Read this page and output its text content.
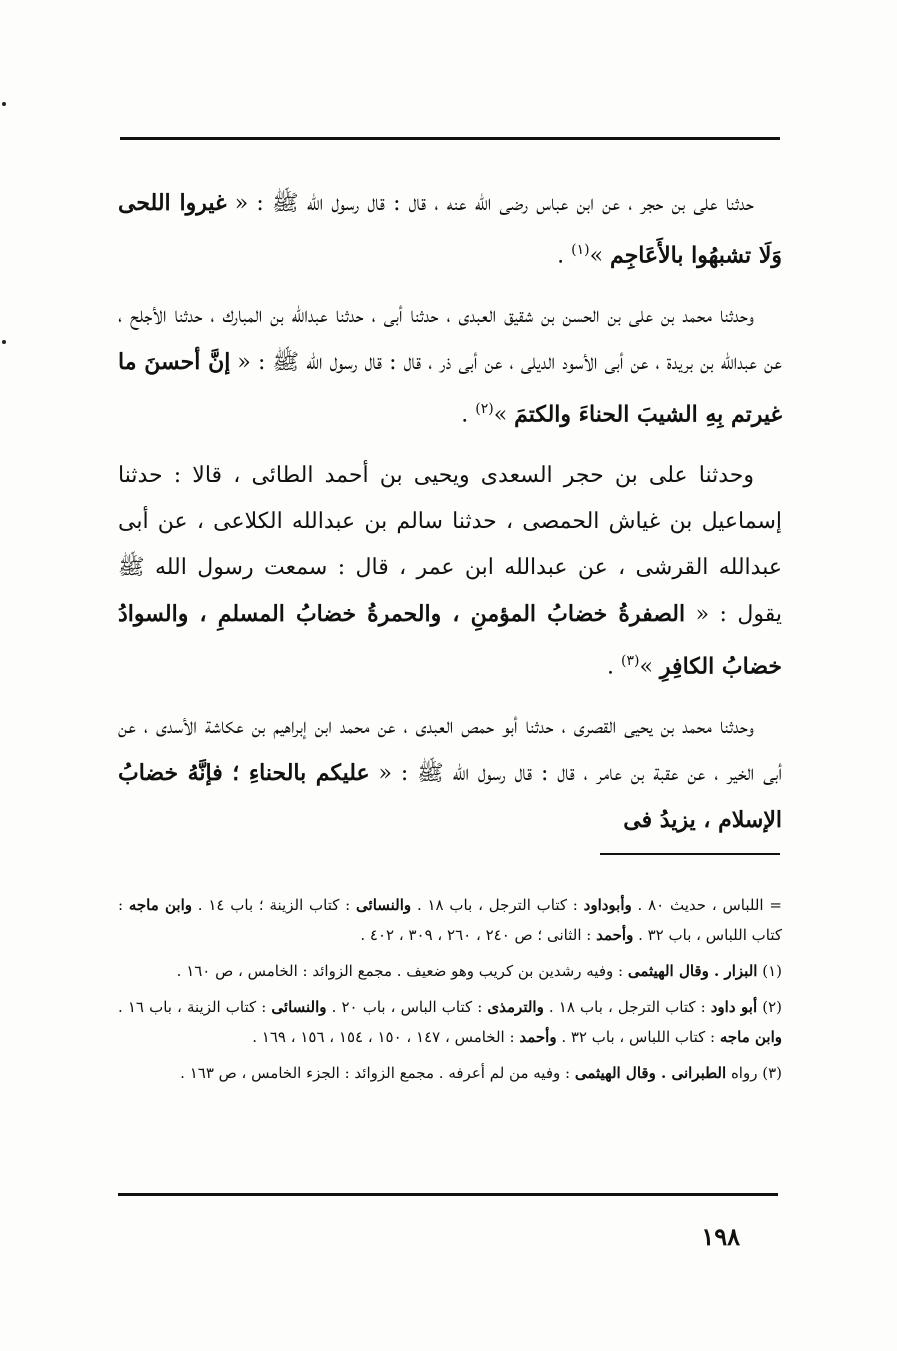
حدثنا على بن حجر ، عن ابن عباس رضى الله عنه ، قال : قال رسول الله ﷺ : « غيروا اللحى وَلَا تشبهُوا بالأَعَاجِم »$^{(١)}$ .

وحدثنا محمد بن على بن الحسن بن شقيق العبدى ، حدثنا أبى ، حدثنا عبدالله بن المبارك ، حدثنا الأجلح ، عن عبدالله بن بريدة ، عن أبى الأسود الديلى ، عن أبى ذر ، قال : قال رسول الله ﷺ : « إنَّ أحسنَ ما غيرتم بِهِ الشيبَ الحناءَ والكتمَ »$^{(٢)}$ .

وحدثنا على بن حجر السعدى ويحيى بن أحمد الطائى ، قالا : حدثنا إسماعيل بن غياش الحمصى ، حدثنا سالم بن عبدالله الكلاعى ، عن أبى عبدالله القرشى ، عن عبدالله ابن عمر ، قال : سمعت رسول الله ﷺ يقول : « الصفرةُ خضابُ المؤمنِ ، والحمرةُ خضابُ المسلمِ ، والسوادُ خضابُ الكافِرِ »$^{(٣)}$ .

وحدثنا محمد بن يحيى القصرى ، حدثنا أبو حمص العبدى ، عن محمد ابن إبراهيم بن عكاشة الأسدى ، عن أبى الخير ، عن عقبة بن عامر ، قال : قال رسول الله ﷺ : « عليكم بالحناءِ ؛ فإنَّهُ خضابُ الإسلام ، يزيدُ فى

= اللباس ، حديث ٨٠ . وأبوداود : كتاب الترجل ، باب ١٨ . والنسائى : كتاب الزينة ؛ باب ١٤ . وابن ماجه : كتاب اللباس ، باب ٣٢ . وأحمد : الثانى ؛ ص ٢٤٠ ، ٢٦٠ ، ٣٠٩ ، ٤٠٢ .

(١) البزار . وقال الهيثمى : وفيه رشدين بن كريب وهو ضعيف . مجمع الزوائد : الخامس ، ص ١٦٠ .

(٢) أبو داود : كتاب الترجل ، باب ١٨ . والترمذى : كتاب الباس ، باب ٢٠ . والنسائى : كتاب الزينة ، باب ١٦ . وابن ماجه : كتاب اللباس ، باب ٣٢ . وأحمد : الخامس ، ١٤٧ ، ١٥٠ ، ١٥٤ ، ١٥٦ ، ١٦٩ .

(٣) رواه الطبرانى . وقال الهيثمى : وفيه من لم أعرفه . مجمع الزوائد : الجزء الخامس ، ص ١٦٣ .

١٩٨
